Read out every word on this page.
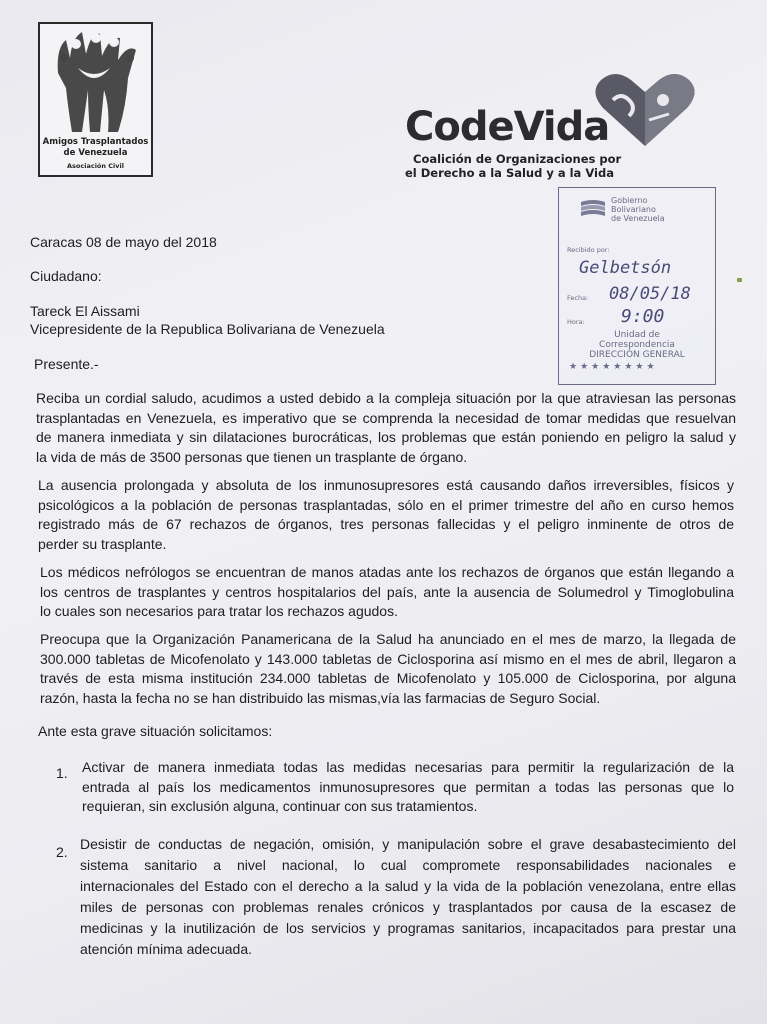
Amigos Trasplantados
de Venezuela
Asociación Civil
CodeVida
Coalición de Organizaciones por
el Derecho a la Salud y a la Vida
Gobierno
Bolivariano
de Venezuela
Recibido por:
Gelbetsón
Fecha: 08/05/18
Hora: 9:00
Unidad de
Correspondencia
DIRECCIÓN GENERAL
★★★★★★★★
Caracas 08 de mayo del 2018
Ciudadano:
Tareck El Aissami
Vicepresidente de la Republica Bolivariana de Venezuela
Presente.-
Reciba un cordial saludo, acudimos a usted debido a la compleja situación por la que atraviesan las personas
trasplantadas en Venezuela, es imperativo que se comprenda la necesidad de tomar medidas que resuelvan
de manera inmediata y sin dilataciones burocráticas, los problemas que están poniendo en peligro la salud y
la vida de más de 3500 personas que tienen un trasplante de órgano.
La ausencia prolongada y absoluta de los inmunosupresores está causando daños irreversibles, físicos y
psicológicos a la población de personas trasplantadas, sólo en el primer trimestre del año en curso hemos
registrado más de 67 rechazos de órganos, tres personas fallecidas y el peligro inminente de otros de
perder su trasplante.
Los médicos nefrólogos se encuentran de manos atadas ante los rechazos de órganos que están llegando a
los centros de trasplantes y centros hospitalarios del país, ante la ausencia de Solumedrol y Timoglobulina
lo cuales son necesarios para tratar los rechazos agudos.
Preocupa que la Organización Panamericana de la Salud ha anunciado en el mes de marzo, la llegada de
300.000 tabletas de Micofenolato y 143.000 tabletas de Ciclosporina así mismo en el mes de abril, llegaron a
través de esta misma institución 234.000 tabletas de Micofenolato y 105.000 de Ciclosporina, por alguna
razón, hasta la fecha no se han distribuido las mismas,vía las farmacias de Seguro Social.
Ante esta grave situación solicitamos:
1. Activar de manera inmediata todas las medidas necesarias para permitir la regularización de la
entrada al país los medicamentos inmunosupresores que permitan a todas las personas que lo
requieran, sin exclusión alguna, continuar con sus tratamientos.
2. Desistir de conductas de negación, omisión, y manipulación sobre el grave desabastecimiento del
sistema sanitario a nivel nacional, lo cual compromete responsabilidades nacionales e
internacionales del Estado con el derecho a la salud y la vida de la población venezolana, entre ellas
miles de personas con problemas renales crónicos y trasplantados por causa de la escasez de
medicinas y la inutilización de los servicios y programas sanitarios, incapacitados para prestar una
atención mínima adecuada.
